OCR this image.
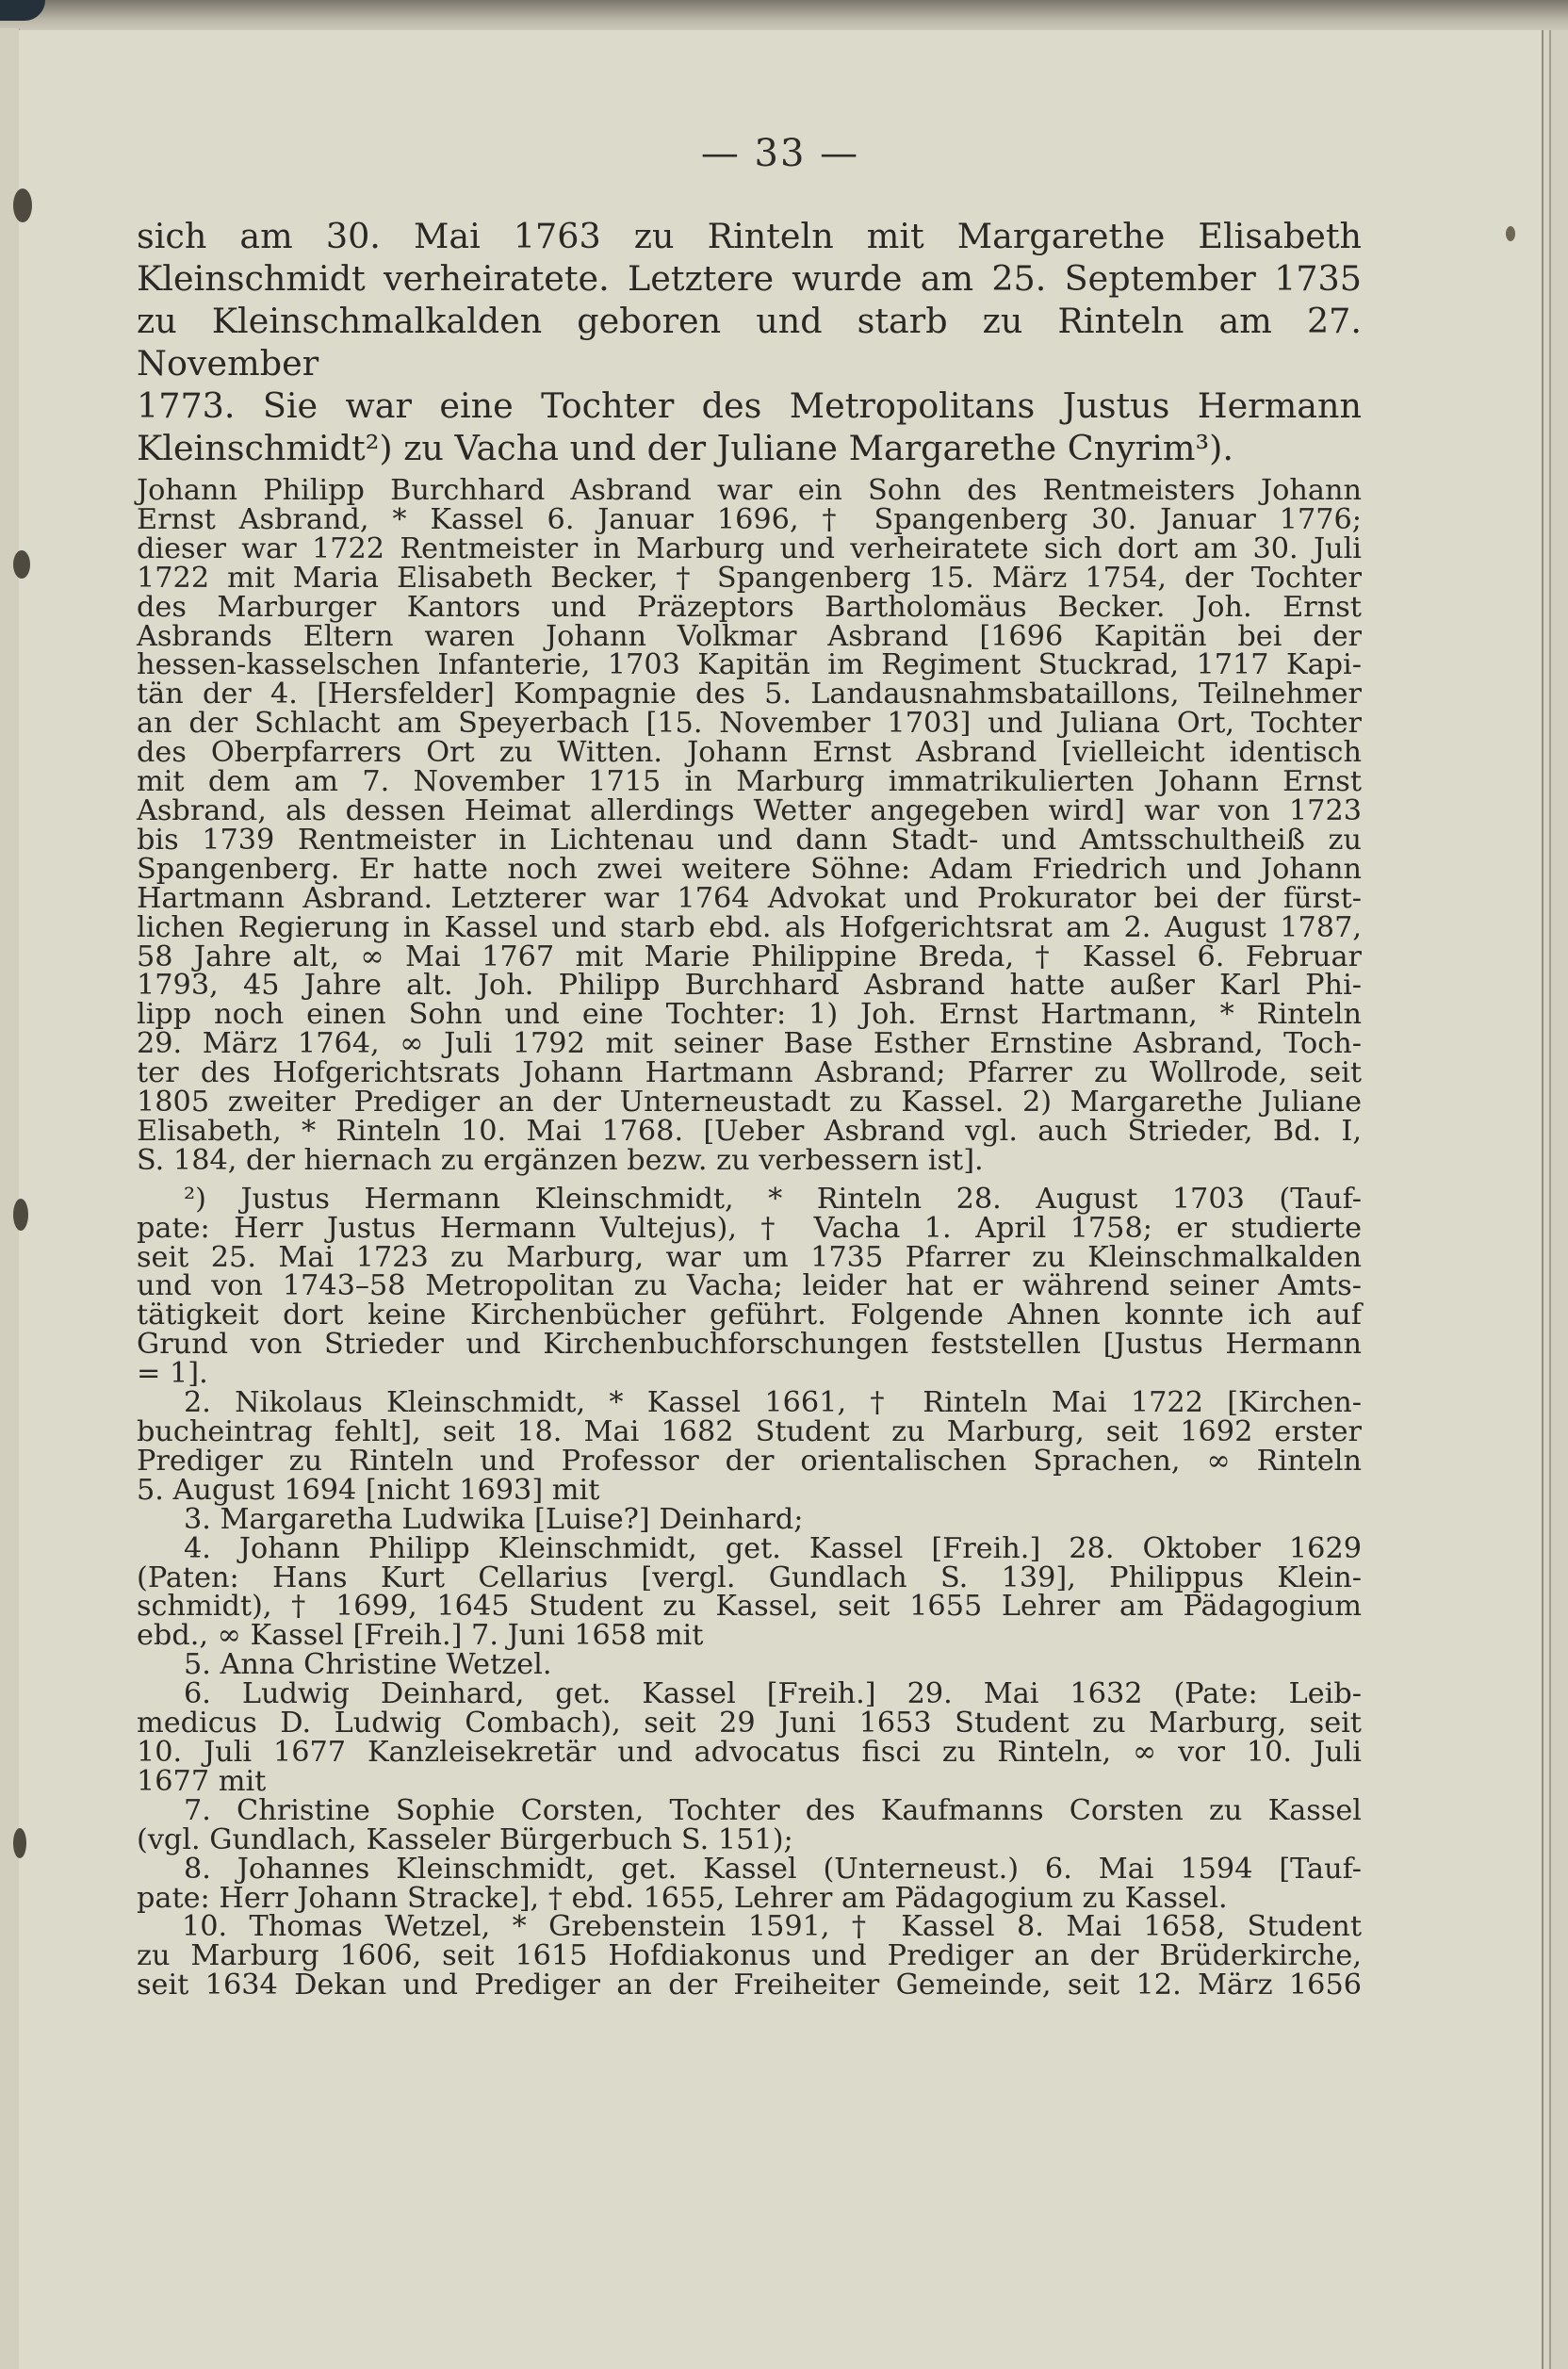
— 33 —

sich am 30. Mai 1763 zu Rinteln mit Margarethe Elisabeth

Kleinschmidt verheiratete. Letztere wurde am 25. September 1735

zu Kleinschmalkalden geboren und starb zu Rinteln am 27. November

1773. Sie war eine Tochter des Metropolitans Justus Hermann

Kleinschmidt²) zu Vacha und der Juliane Margarethe Cnyrim³).

Johann Philipp Burchhard Asbrand war ein Sohn des Rentmeisters Johann

Ernst Asbrand, * Kassel 6. Januar 1696, † Spangenberg 30. Januar 1776;

dieser war 1722 Rentmeister in Marburg und verheiratete sich dort am 30. Juli

1722 mit Maria Elisabeth Becker, † Spangenberg 15. März 1754, der Tochter

des Marburger Kantors und Präzeptors Bartholomäus Becker. Joh. Ernst

Asbrands Eltern waren Johann Volkmar Asbrand [1696 Kapitän bei der

hessen-kasselschen Infanterie, 1703 Kapitän im Regiment Stuckrad, 1717 Kapi-

tän der 4. [Hersfelder] Kompagnie des 5. Landausnahmsbataillons, Teilnehmer

an der Schlacht am Speyerbach [15. November 1703] und Juliana Ort, Tochter

des Oberpfarrers Ort zu Witten. Johann Ernst Asbrand [vielleicht identisch

mit dem am 7. November 1715 in Marburg immatrikulierten Johann Ernst

Asbrand, als dessen Heimat allerdings Wetter angegeben wird] war von 1723

bis 1739 Rentmeister in Lichtenau und dann Stadt- und Amtsschultheiß zu

Spangenberg. Er hatte noch zwei weitere Söhne: Adam Friedrich und Johann

Hartmann Asbrand. Letzterer war 1764 Advokat und Prokurator bei der fürst-

lichen Regierung in Kassel und starb ebd. als Hofgerichtsrat am 2. August 1787,

58 Jahre alt, ∞ Mai 1767 mit Marie Philippine Breda, † Kassel 6. Februar

1793, 45 Jahre alt. Joh. Philipp Burchhard Asbrand hatte außer Karl Phi-

lipp noch einen Sohn und eine Tochter: 1) Joh. Ernst Hartmann, * Rinteln

29. März 1764, ∞ Juli 1792 mit seiner Base Esther Ernstine Asbrand, Toch-

ter des Hofgerichtsrats Johann Hartmann Asbrand; Pfarrer zu Wollrode, seit

1805 zweiter Prediger an der Unterneustadt zu Kassel. 2) Margarethe Juliane

Elisabeth, * Rinteln 10. Mai 1768. [Ueber Asbrand vgl. auch Strieder, Bd. I,

S. 184, der hiernach zu ergänzen bezw. zu verbessern ist].

²) Justus Hermann Kleinschmidt, * Rinteln 28. August 1703 (Tauf-

pate: Herr Justus Hermann Vultejus), † Vacha 1. April 1758; er studierte

seit 25. Mai 1723 zu Marburg, war um 1735 Pfarrer zu Kleinschmalkalden

und von 1743–58 Metropolitan zu Vacha; leider hat er während seiner Amts-

tätigkeit dort keine Kirchenbücher geführt. Folgende Ahnen konnte ich auf

Grund von Strieder und Kirchenbuchforschungen feststellen [Justus Hermann

= 1].

2. Nikolaus Kleinschmidt, * Kassel 1661, † Rinteln Mai 1722 [Kirchen-

bucheintrag fehlt], seit 18. Mai 1682 Student zu Marburg, seit 1692 erster

Prediger zu Rinteln und Professor der orientalischen Sprachen, ∞ Rinteln

5. August 1694 [nicht 1693] mit

3. Margaretha Ludwika [Luise?] Deinhard;

4. Johann Philipp Kleinschmidt, get. Kassel [Freih.] 28. Oktober 1629

(Paten: Hans Kurt Cellarius [vergl. Gundlach S. 139], Philippus Klein-

schmidt), † 1699, 1645 Student zu Kassel, seit 1655 Lehrer am Pädagogium

ebd., ∞ Kassel [Freih.] 7. Juni 1658 mit

5. Anna Christine Wetzel.

6. Ludwig Deinhard, get. Kassel [Freih.] 29. Mai 1632 (Pate: Leib-

medicus D. Ludwig Combach), seit 29 Juni 1653 Student zu Marburg, seit

10. Juli 1677 Kanzleisekretär und advocatus fisci zu Rinteln, ∞ vor 10. Juli

1677 mit

7. Christine Sophie Corsten, Tochter des Kaufmanns Corsten zu Kassel

(vgl. Gundlach, Kasseler Bürgerbuch S. 151);

8. Johannes Kleinschmidt, get. Kassel (Unterneust.) 6. Mai 1594 [Tauf-

pate: Herr Johann Stracke], † ebd. 1655, Lehrer am Pädagogium zu Kassel.

10. Thomas Wetzel, * Grebenstein 1591, † Kassel 8. Mai 1658, Student

zu Marburg 1606, seit 1615 Hofdiakonus und Prediger an der Brüderkirche,

seit 1634 Dekan und Prediger an der Freiheiter Gemeinde, seit 12. März 1656
